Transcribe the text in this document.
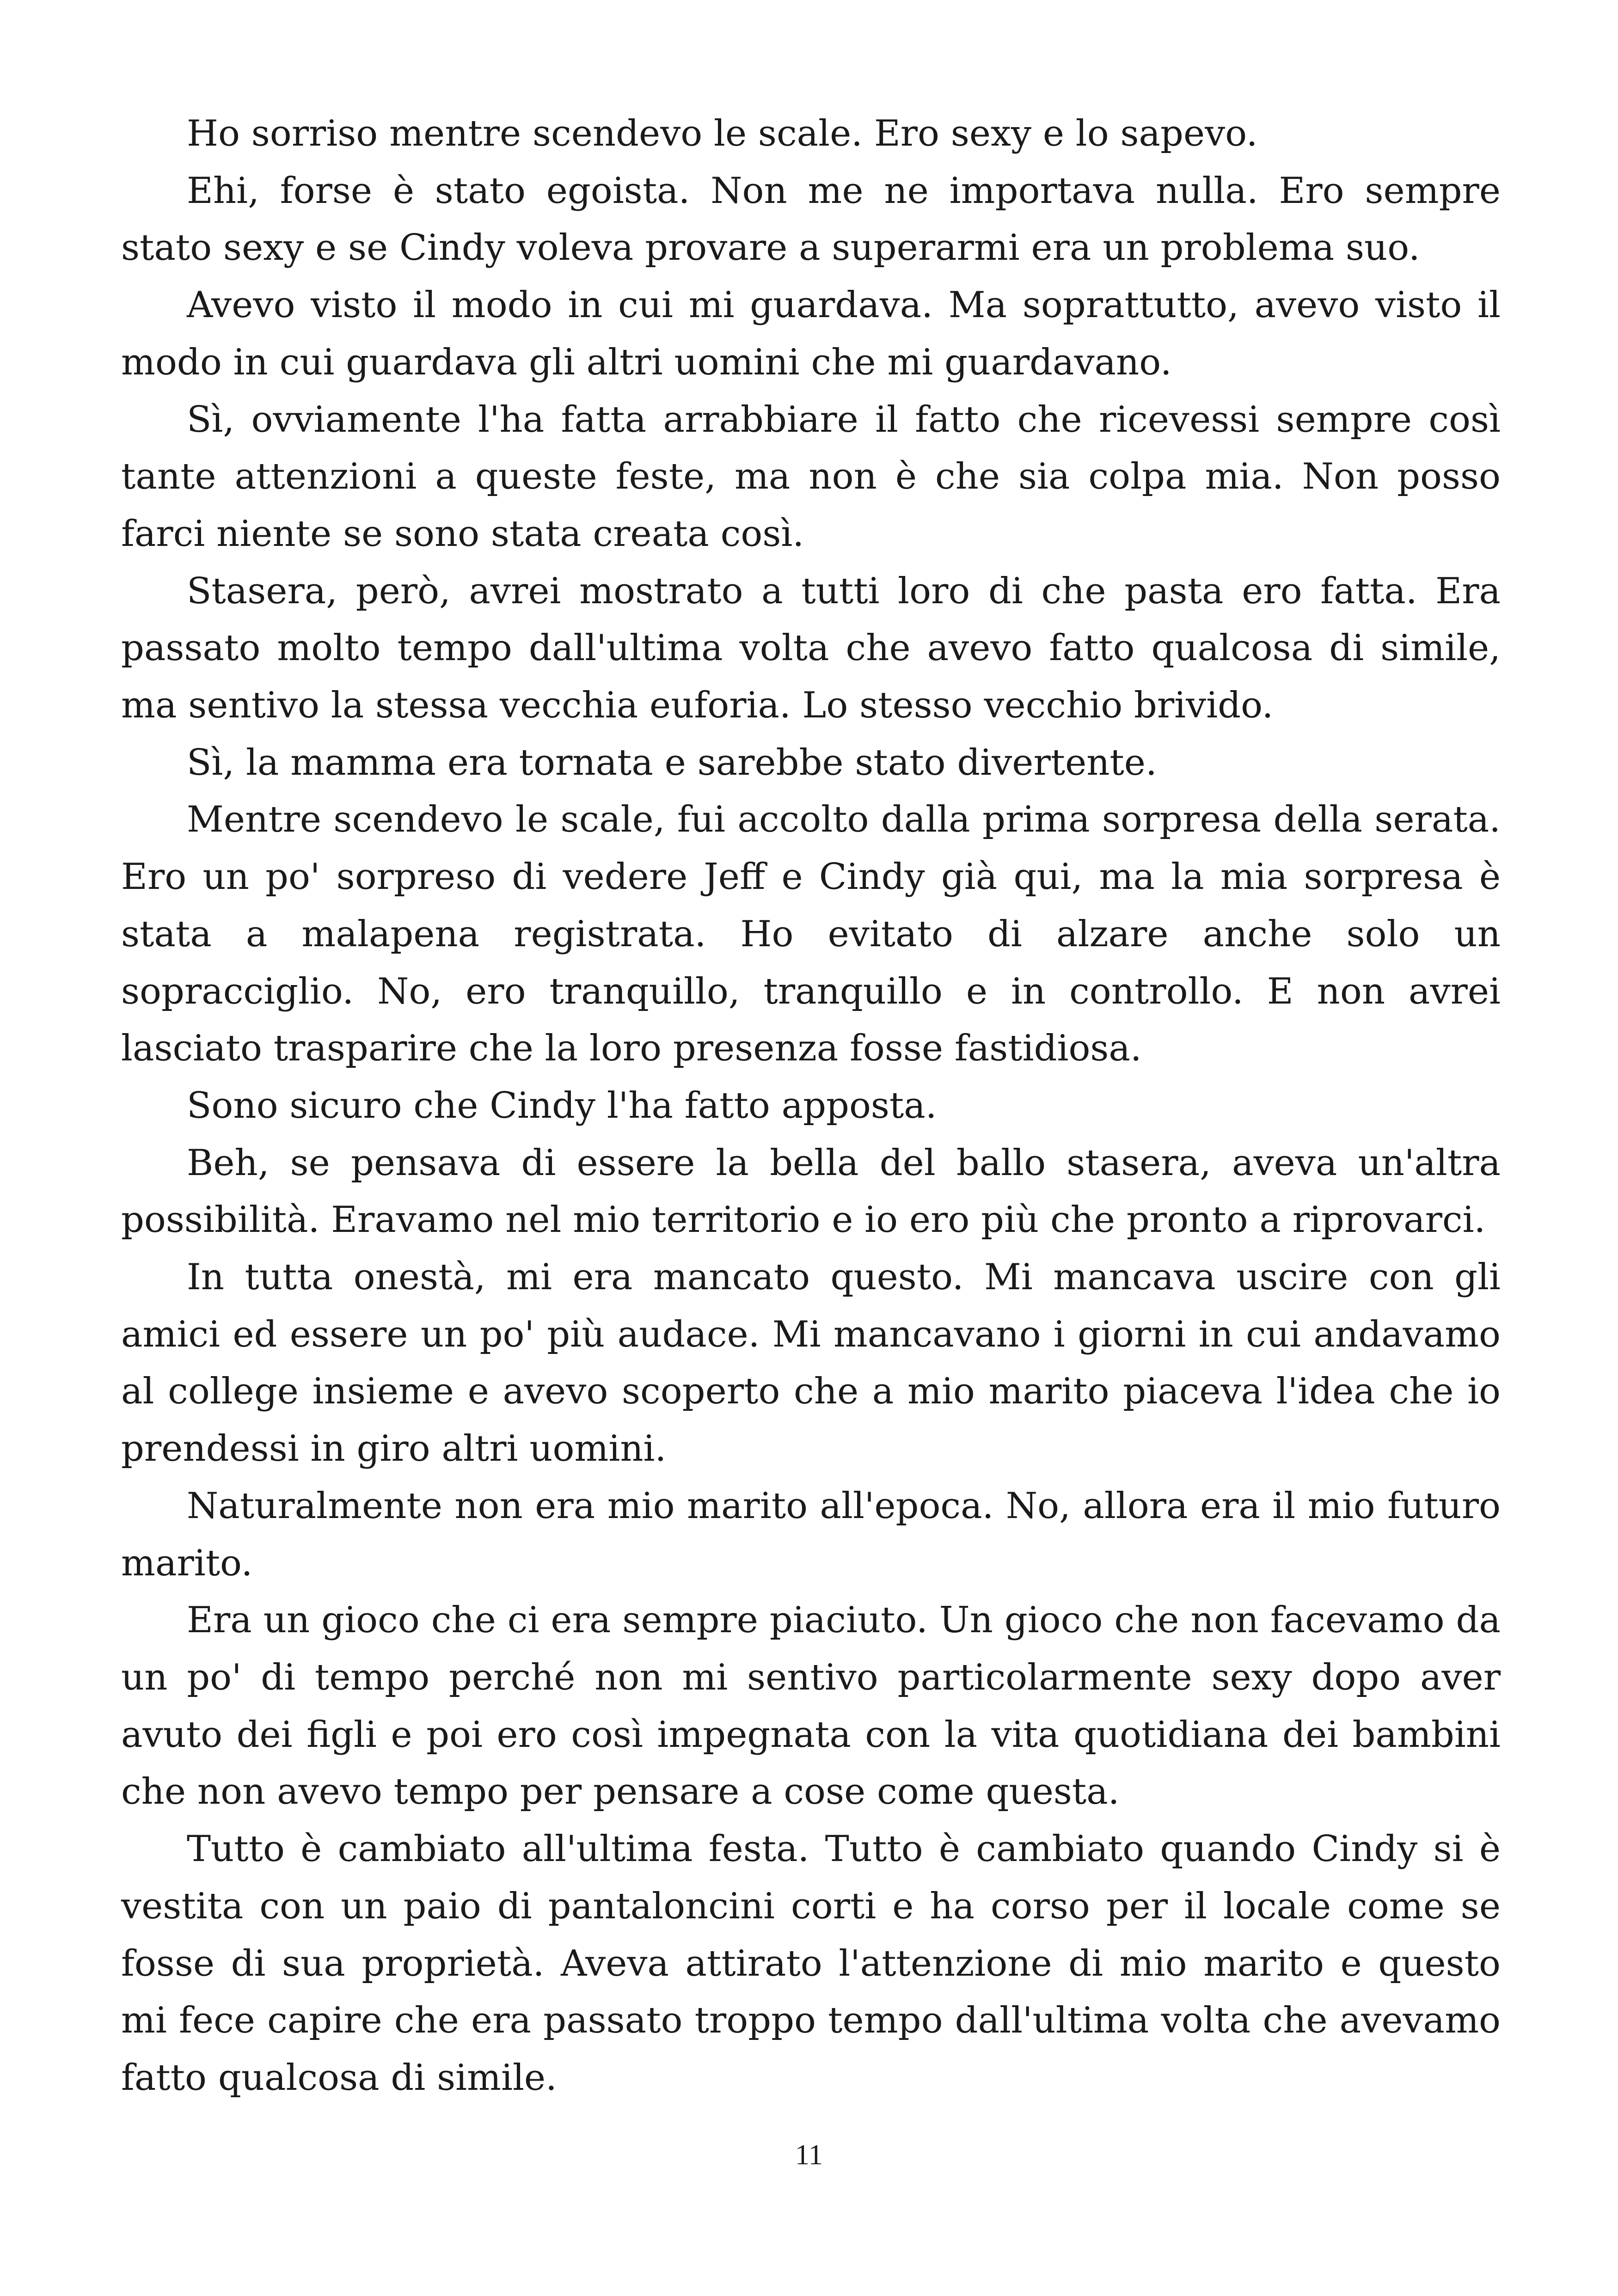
Ho sorriso mentre scendevo le scale. Ero sexy e lo sapevo.

Ehi, forse è stato egoista. Non me ne importava nulla. Ero sempre stato sexy e se Cindy voleva provare a superarmi era un problema suo.

Avevo visto il modo in cui mi guardava. Ma soprattutto, avevo visto il modo in cui guardava gli altri uomini che mi guardavano.

Sì, ovviamente l'ha fatta arrabbiare il fatto che ricevessi sempre così tante attenzioni a queste feste, ma non è che sia colpa mia. Non posso farci niente se sono stata creata così.

Stasera, però, avrei mostrato a tutti loro di che pasta ero fatta. Era passato molto tempo dall'ultima volta che avevo fatto qualcosa di simile, ma sentivo la stessa vecchia euforia. Lo stesso vecchio brivido.

Sì, la mamma era tornata e sarebbe stato divertente.

Mentre scendevo le scale, fui accolto dalla prima sorpresa della serata. Ero un po' sorpreso di vedere Jeff e Cindy già qui, ma la mia sorpresa è stata a malapena registrata. Ho evitato di alzare anche solo un sopracciglio. No, ero tranquillo, tranquillo e in controllo. E non avrei lasciato trasparire che la loro presenza fosse fastidiosa.

Sono sicuro che Cindy l'ha fatto apposta.

Beh, se pensava di essere la bella del ballo stasera, aveva un'altra possibilità. Eravamo nel mio territorio e io ero più che pronto a riprovarci.

In tutta onestà, mi era mancato questo. Mi mancava uscire con gli amici ed essere un po' più audace. Mi mancavano i giorni in cui andavamo al college insieme e avevo scoperto che a mio marito piaceva l'idea che io prendessi in giro altri uomini.

Naturalmente non era mio marito all'epoca. No, allora era il mio futuro marito.

Era un gioco che ci era sempre piaciuto. Un gioco che non facevamo da un po' di tempo perché non mi sentivo particolarmente sexy dopo aver avuto dei figli e poi ero così impegnata con la vita quotidiana dei bambini che non avevo tempo per pensare a cose come questa.

Tutto è cambiato all'ultima festa. Tutto è cambiato quando Cindy si è vestita con un paio di pantaloncini corti e ha corso per il locale come se fosse di sua proprietà. Aveva attirato l'attenzione di mio marito e questo mi fece capire che era passato troppo tempo dall'ultima volta che avevamo fatto qualcosa di simile.

11
